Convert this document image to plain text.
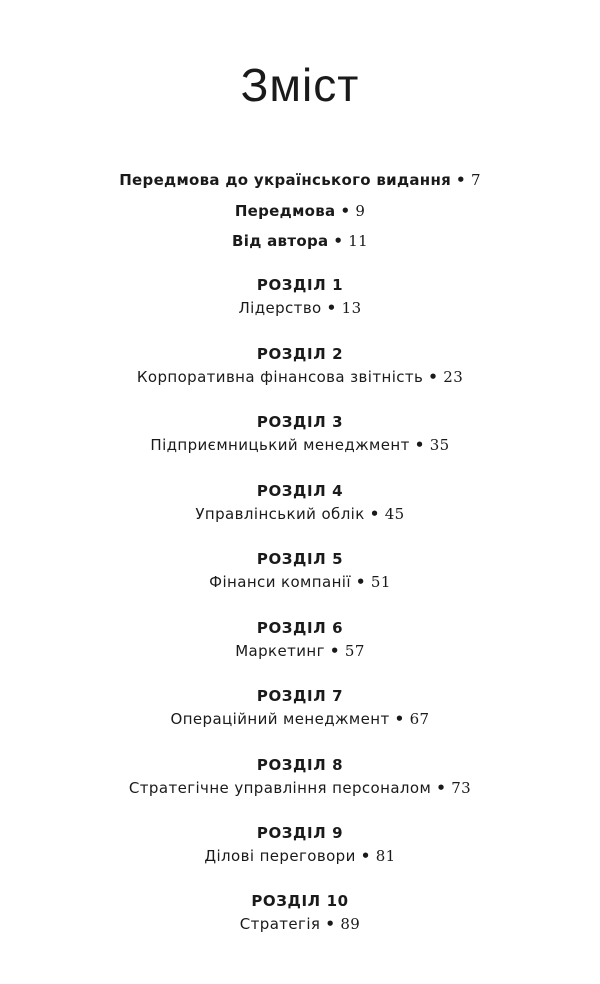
Зміст
Передмова до українського видання • 7
Передмова • 9
Від автора • 11
РОЗДІЛ 1
Лідерство • 13
РОЗДІЛ 2
Корпоративна фінансова звітність • 23
РОЗДІЛ 3
Підприємницький менеджмент • 35
РОЗДІЛ 4
Управлінський облік • 45
РОЗДІЛ 5
Фінанси компанії • 51
РОЗДІЛ 6
Маркетинг • 57
РОЗДІЛ 7
Операційний менеджмент • 67
РОЗДІЛ 8
Стратегічне управління персоналом • 73
РОЗДІЛ 9
Ділові переговори • 81
РОЗДІЛ 10
Стратегія • 89
